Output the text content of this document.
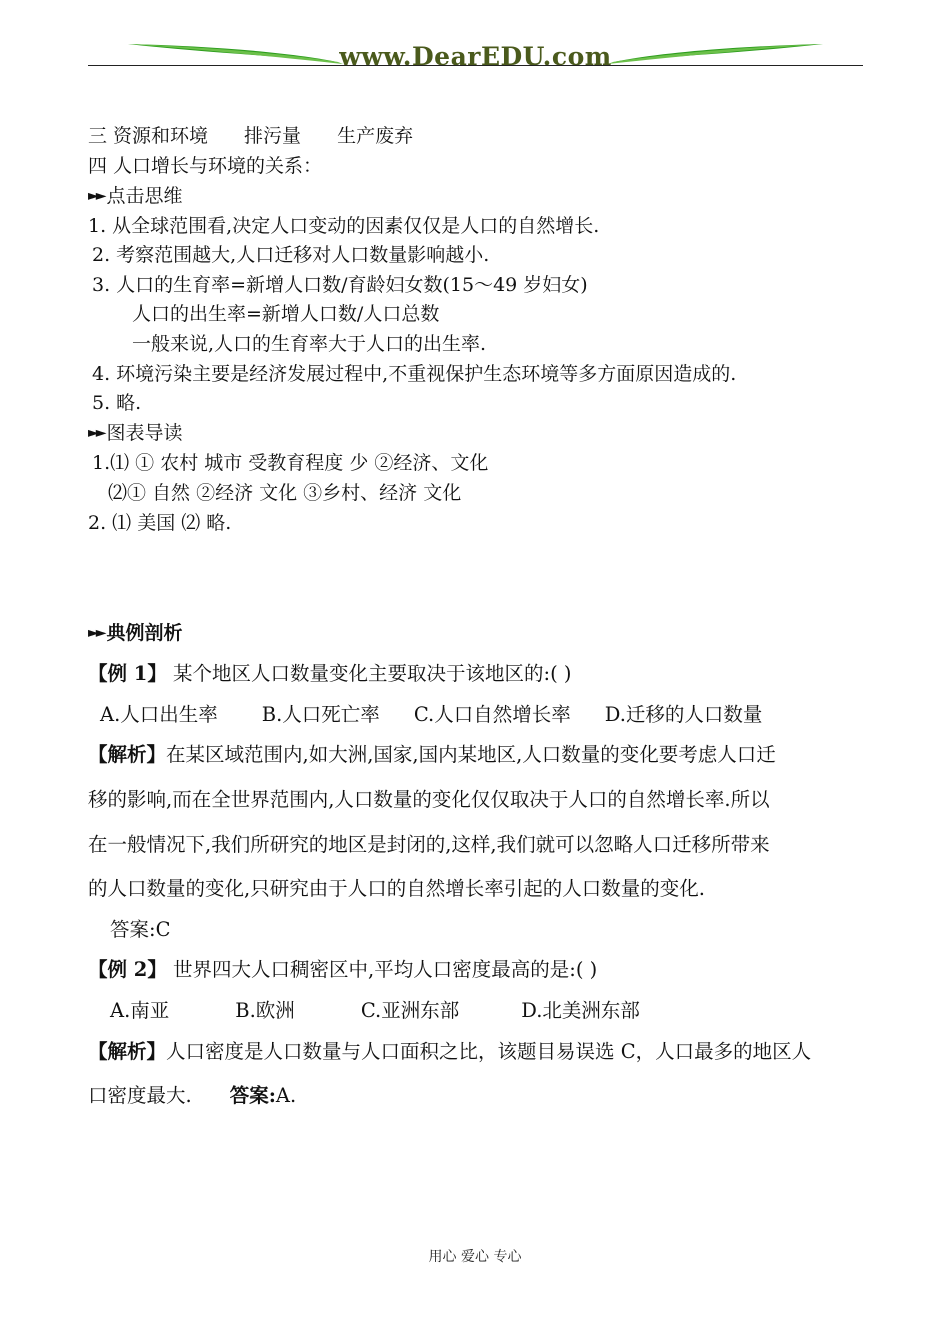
www.DearEDU.com
三 资源和环境 排污量 生产废弃
四 人口增长与环境的关系：
►► 点击思维
1. 从全球范围看,决定人口变动的因素仅仅是人口的自然增长.
2. 考察范围越大,人口迁移对人口数量影响越小.
3. 人口的生育率=新增人口数/育龄妇女数(15～49 岁妇女)
人口的出生率=新增人口数/人口总数
一般来说,人口的生育率大于人口的出生率.
4. 环境污染主要是经济发展过程中,不重视保护生态环境等多方面原因造成的.
5. 略.
►► 图表导读
1.⑴ ① 农村 城市 受教育程度 少 ②经济、文化
⑵① 自然 ②经济 文化 ③乡村、经济 文化
2. ⑴ 美国 ⑵ 略.
►► 典例剖析
【例 1】 某个地区人口数量变化主要取决于该地区的:( )
A.人口出生率 B.人口死亡率 C.人口自然增长率 D.迁移的人口数量
【解析】在某区域范围内,如大洲,国家,国内某地区,人口数量的变化要考虑人口迁
移的影响,而在全世界范围内,人口数量的变化仅仅取决于人口的自然增长率.所以
在一般情况下,我们所研究的地区是封闭的,这样,我们就可以忽略人口迁移所带来
的人口数量的变化,只研究由于人口的自然增长率引起的人口数量的变化.
答案:C
【例 2】 世界四大人口稠密区中,平均人口密度最高的是:( )
A.南亚	B.欧洲	C.亚洲东部	D.北美洲东部
【解析】人口密度是人口数量与人口面积之比，该题目易误选 C，人口最多的地区人
口密度最大. 答案:A.
用心 爱心 专心
